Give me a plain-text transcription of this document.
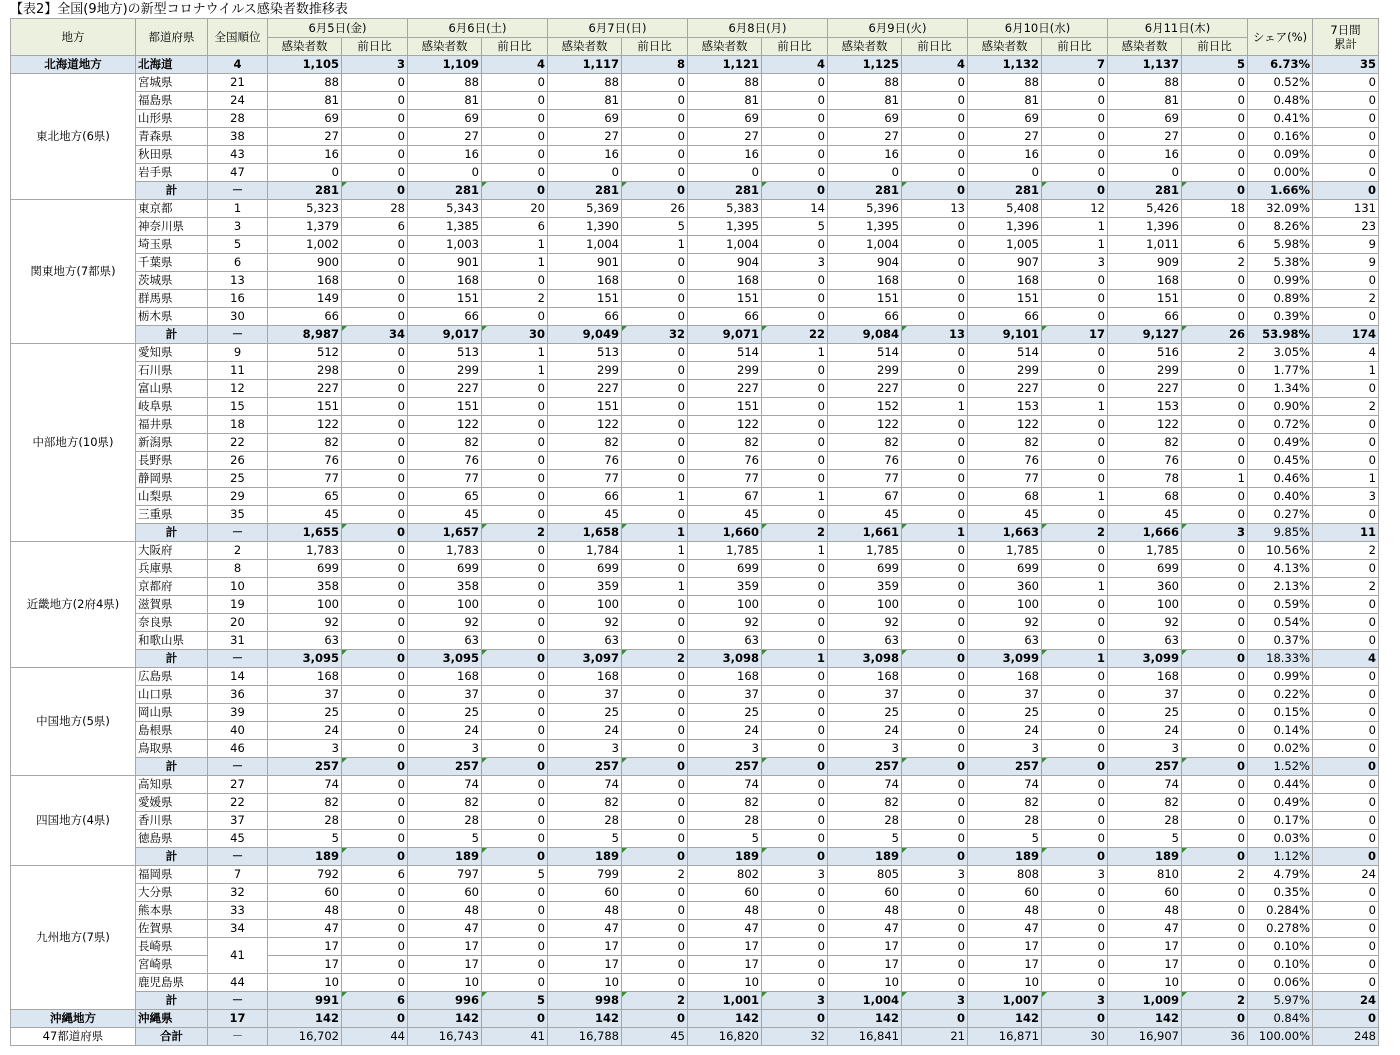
【表2】全国(9地方)の新型コロナウイルス感染者数推移表
地方	都道府県	全国順位	6月5日(金)		6月6日(土)		6月7日(日)		6月8日(月)		6月9日(火)		6月10日(水)		6月11日(木)		シェア(%)	7日間
累計

			感染者数	前日比	感染者数	前日比	感染者数	前日比	感染者数	前日比	感染者数	前日比	感染者数	前日比	感染者数	前日比		
北海道地方	北海道	4	1,105	3	1,109	4	1,117	8	1,121	4	1,125	4	1,132	7	1,137	5	6.73%	35
東北地方(6県)	宮城県	21	88	0	88	0	88	0	88	0	88	0	88	0	88	0	0.52%	0
	福島県	24	81	0	81	0	81	0	81	0	81	0	81	0	81	0	0.48%	0
	山形県	28	69	0	69	0	69	0	69	0	69	0	69	0	69	0	0.41%	0
	青森県	38	27	0	27	0	27	0	27	0	27	0	27	0	27	0	0.16%	0
	秋田県	43	16	0	16	0	16	0	16	0	16	0	16	0	16	0	0.09%	0
	岩手県	47	0	0	0	0	0	0	0	0	0	0	0	0	0	0	0.00%	0
	計	－	281	0	281	0	281	0	281	0	281	0	281	0	281	0	1.66%	0
関東地方(7都県)	東京都	1	5,323	28	5,343	20	5,369	26	5,383	14	5,396	13	5,408	12	5,426	18	32.09%	131
	神奈川県	3	1,379	6	1,385	6	1,390	5	1,395	5	1,395	0	1,396	1	1,396	0	8.26%	23
	埼玉県	5	1,002	0	1,003	1	1,004	1	1,004	0	1,004	0	1,005	1	1,011	6	5.98%	9
	千葉県	6	900	0	901	1	901	0	904	3	904	0	907	3	909	2	5.38%	9
	茨城県	13	168	0	168	0	168	0	168	0	168	0	168	0	168	0	0.99%	0
	群馬県	16	149	0	151	2	151	0	151	0	151	0	151	0	151	0	0.89%	2
	栃木県	30	66	0	66	0	66	0	66	0	66	0	66	0	66	0	0.39%	0
	計	－	8,987	34	9,017	30	9,049	32	9,071	22	9,084	13	9,101	17	9,127	26	53.98%	174
中部地方(10県)	愛知県	9	512	0	513	1	513	0	514	1	514	0	514	0	516	2	3.05%	4
	石川県	11	298	0	299	1	299	0	299	0	299	0	299	0	299	0	1.77%	1
	富山県	12	227	0	227	0	227	0	227	0	227	0	227	0	227	0	1.34%	0
	岐阜県	15	151	0	151	0	151	0	151	0	152	1	153	1	153	0	0.90%	2
	福井県	18	122	0	122	0	122	0	122	0	122	0	122	0	122	0	0.72%	0
	新潟県	22	82	0	82	0	82	0	82	0	82	0	82	0	82	0	0.49%	0
	長野県	26	76	0	76	0	76	0	76	0	76	0	76	0	76	0	0.45%	0
	静岡県	25	77	0	77	0	77	0	77	0	77	0	77	0	78	1	0.46%	1
	山梨県	29	65	0	65	0	66	1	67	1	67	0	68	1	68	0	0.40%	3
	三重県	35	45	0	45	0	45	0	45	0	45	0	45	0	45	0	0.27%	0
	計	－	1,655	0	1,657	2	1,658	1	1,660	2	1,661	1	1,663	2	1,666	3	9.85%	11
近畿地方(2府4県)	大阪府	2	1,783	0	1,783	0	1,784	1	1,785	1	1,785	0	1,785	0	1,785	0	10.56%	2
	兵庫県	8	699	0	699	0	699	0	699	0	699	0	699	0	699	0	4.13%	0
	京都府	10	358	0	358	0	359	1	359	0	359	0	360	1	360	0	2.13%	2
	滋賀県	19	100	0	100	0	100	0	100	0	100	0	100	0	100	0	0.59%	0
	奈良県	20	92	0	92	0	92	0	92	0	92	0	92	0	92	0	0.54%	0
	和歌山県	31	63	0	63	0	63	0	63	0	63	0	63	0	63	0	0.37%	0
	計	－	3,095	0	3,095	0	3,097	2	3,098	1	3,098	0	3,099	1	3,099	0	18.33%	4
中国地方(5県)	広島県	14	168	0	168	0	168	0	168	0	168	0	168	0	168	0	0.99%	0
	山口県	36	37	0	37	0	37	0	37	0	37	0	37	0	37	0	0.22%	0
	岡山県	39	25	0	25	0	25	0	25	0	25	0	25	0	25	0	0.15%	0
	島根県	40	24	0	24	0	24	0	24	0	24	0	24	0	24	0	0.14%	0
	鳥取県	46	3	0	3	0	3	0	3	0	3	0	3	0	3	0	0.02%	0
	計	－	257	0	257	0	257	0	257	0	257	0	257	0	257	0	1.52%	0
四国地方(4県)	高知県	27	74	0	74	0	74	0	74	0	74	0	74	0	74	0	0.44%	0
	愛媛県	22	82	0	82	0	82	0	82	0	82	0	82	0	82	0	0.49%	0
	香川県	37	28	0	28	0	28	0	28	0	28	0	28	0	28	0	0.17%	0
	徳島県	45	5	0	5	0	5	0	5	0	5	0	5	0	5	0	0.03%	0
	計	－	189	0	189	0	189	0	189	0	189	0	189	0	189	0	1.12%	0
九州地方(7県)	福岡県	7	792	6	797	5	799	2	802	3	805	3	808	3	810	2	4.79%	24
	大分県	32	60	0	60	0	60	0	60	0	60	0	60	0	60	0	0.35%	0
	熊本県	33	48	0	48	0	48	0	48	0	48	0	48	0	48	0	0.284%	0
	佐賀県	34	47	0	47	0	47	0	47	0	47	0	47	0	47	0	0.278%	0
	長崎県	41	17	0	17	0	17	0	17	0	17	0	17	0	17	0	0.10%	0
	宮崎県		17	0	17	0	17	0	17	0	17	0	17	0	17	0	0.10%	0
	鹿児島県	44	10	0	10	0	10	0	10	0	10	0	10	0	10	0	0.06%	0
	計	－	991	6	996	5	998	2	1,001	3	1,004	3	1,007	3	1,009	2	5.97%	24
沖縄地方	沖縄県	17	142	0	142	0	142	0	142	0	142	0	142	0	142	0	0.84%	0
47都道府県	合計	－	16,702	44	16,743	41	16,788	45	16,820	32	16,841	21	16,871	30	16,907	36	100.00%	248
